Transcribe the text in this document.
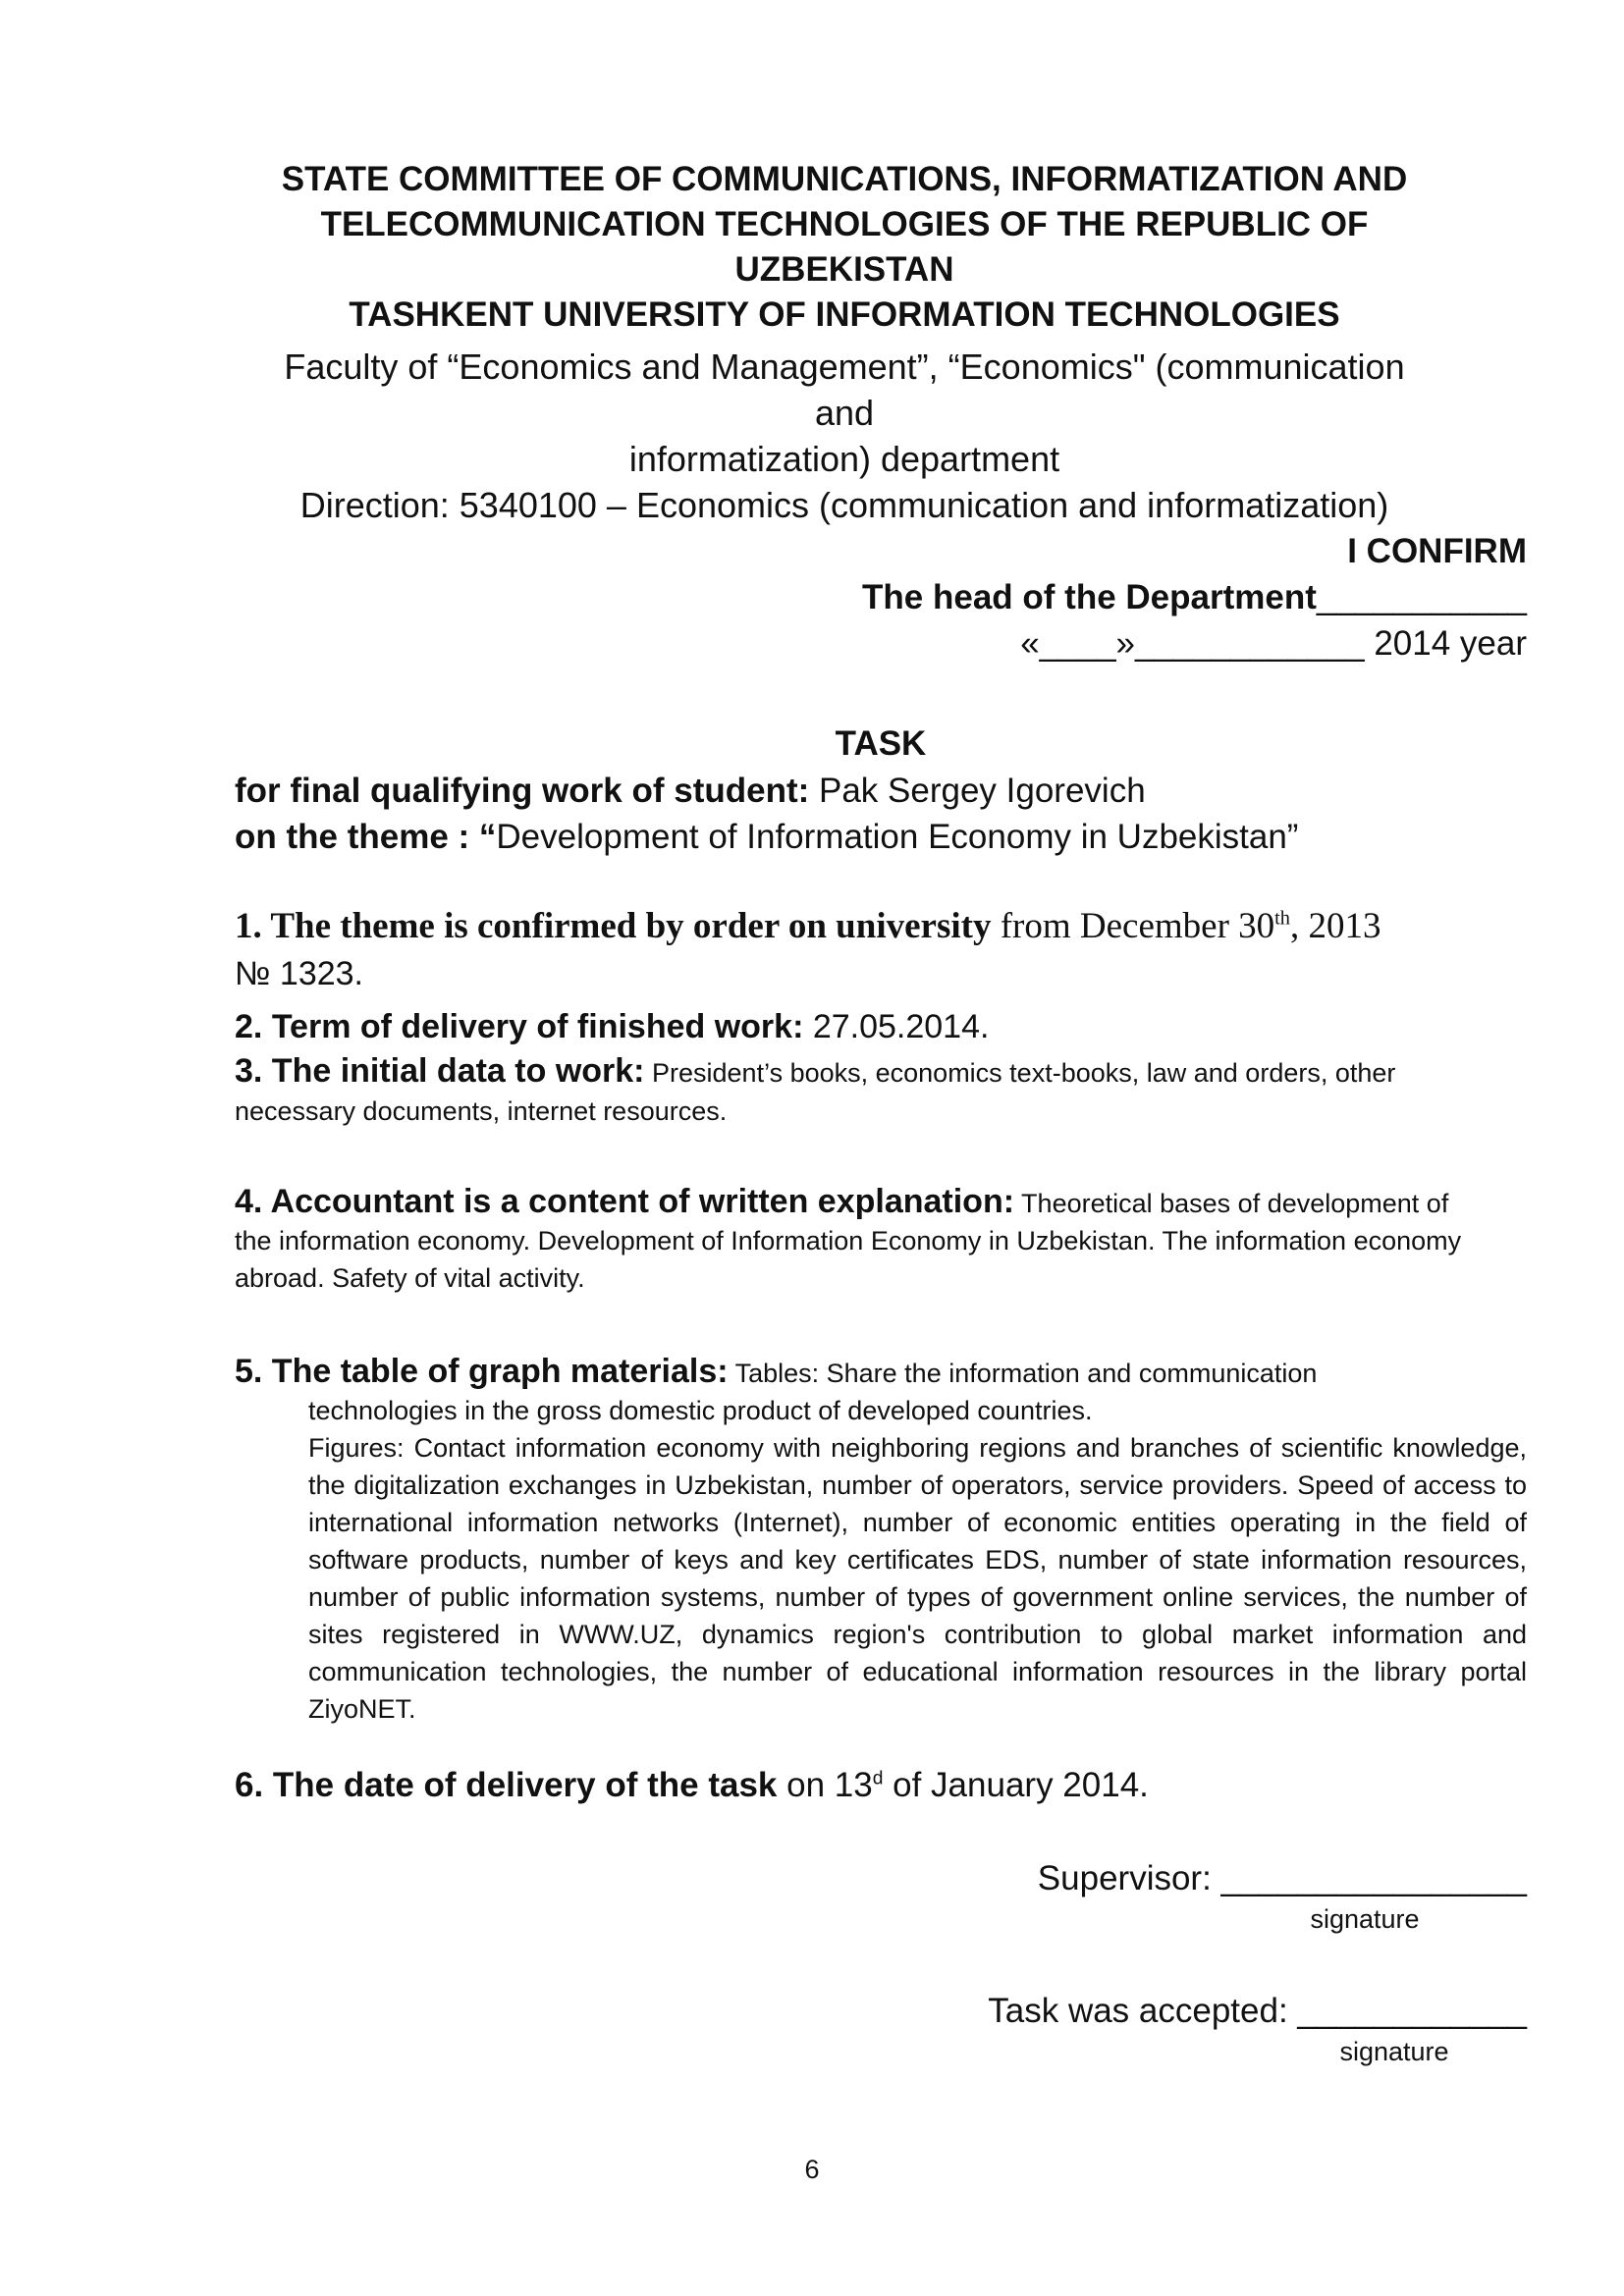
STATE COMMITTEE OF COMMUNICATIONS, INFORMATIZATION AND
TELECOMMUNICATION TECHNOLOGIES OF THE REPUBLIC OF UZBEKISTAN
TASHKENT UNIVERSITY OF INFORMATION TECHNOLOGIES
Faculty of “Economics and Management”, “Economics" (communication and
informatization) department
Direction: 5340100 – Economics (communication and informatization)
I CONFIRM
The head of the Department___________
«____»____________ 2014 year
TASK
for final qualifying work of student: Pak Sergey Igorevich
on the theme : “Development of Information Economy in Uzbekistan”
1. The theme is confirmed by order on university from December 30th, 2013
№ 1323.
2. Term of delivery of finished work: 27.05.2014.
3. The initial data to work: President’s books, economics text-books, law and orders, other
necessary documents, internet resources.
4. Accountant is a content of written explanation: Theoretical bases of development of
the information economy. Development of Information Economy in Uzbekistan. The information economy abroad. Safety of vital activity.
5. The table of graph materials: Tables: Share the information and communication
technologies in the gross domestic product of developed countries.
Figures: Contact information economy with neighboring regions and branches of scientific knowledge, the digitalization exchanges in Uzbekistan, number of operators, service providers. Speed of access to international information networks (Internet), number of economic entities operating in the field of software products, number of keys and key certificates EDS, number of state information resources, number of public information systems, number of types of government online services, the number of sites registered in WWW.UZ, dynamics region's contribution to global market information and communication technologies, the number of educational information resources in the library portal ZiyoNET.
6. The date of delivery of the task on 13$^d$ of January 2014.
Supervisor: ________________
signature
Task was accepted: ____________
signature
6
